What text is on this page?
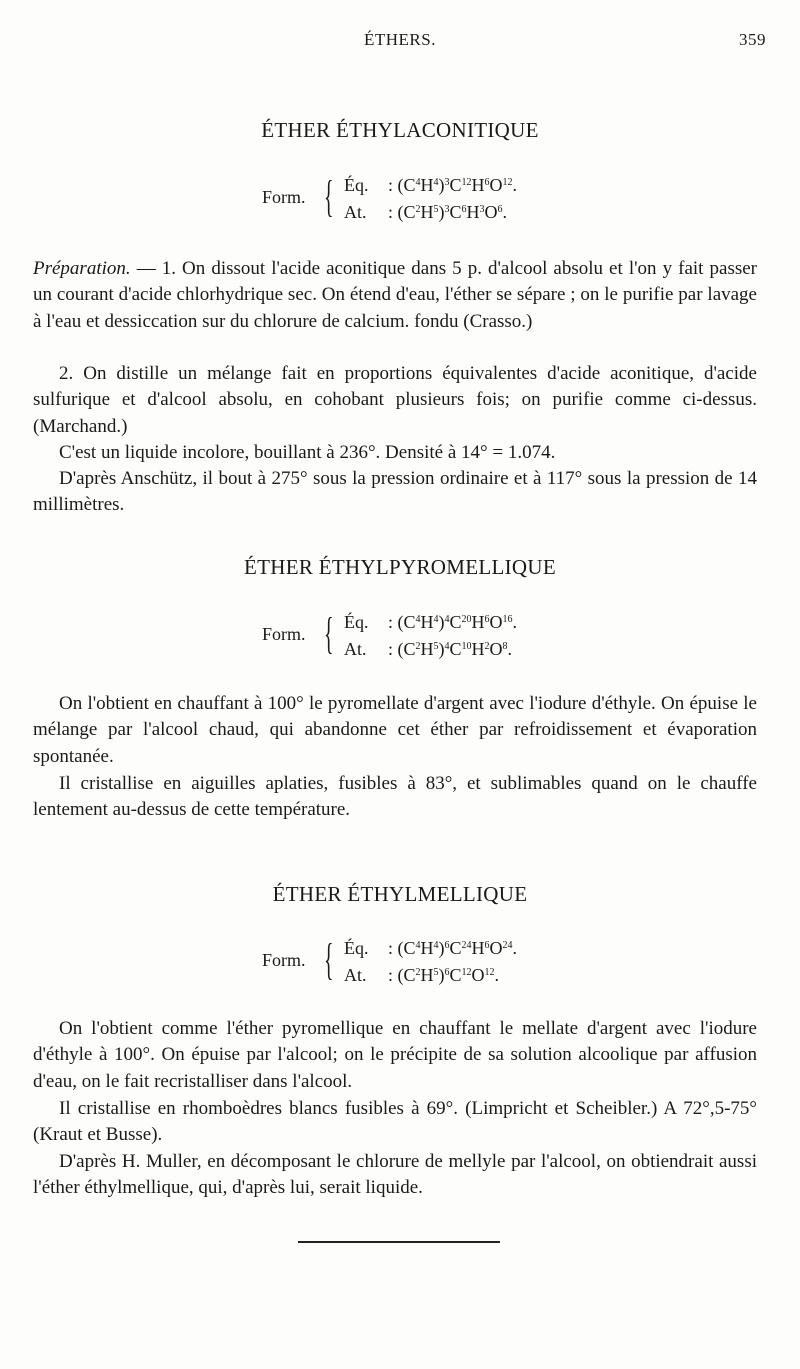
ÉTHERS.	359
ÉTHER ÉTHYLACONITIQUE
Form. { Éq. : $(C^4H^4)^3C^{12}H^6O^{12}$.
At. : $(C^2H^5)^3C^6H^3O^6$.

Préparation. — 1. On dissout l'acide aconitique dans 5 p. d'alcool absolu et l'on y fait passer un courant d'acide chlorhydrique sec. On étend d'eau, l'éther se sépare ; on le purifie par lavage à l'eau et dessiccation sur du chlorure de calcium. fondu (Crasso.)

2. On distille un mélange fait en proportions équivalentes d'acide aconitique, d'acide sulfurique et d'alcool absolu, en cohobant plusieurs fois; on purifie comme ci-dessus. (Marchand.)

C'est un liquide incolore, bouillant à 236°. Densité à 14° = 1.074.

D'après Anschütz, il bout à 275° sous la pression ordinaire et à 117° sous la pression de 14 millimètres.

ÉTHER ÉTHYLPYROMELLIQUE
Form. { Éq. : $(C^4H^4)^4C^{20}H^6O^{16}$.
At. : $(C^2H^5)^4C^{10}H^2O^8$.

On l'obtient en chauffant à 100° le pyromellate d'argent avec l'iodure d'éthyle. On épuise le mélange par l'alcool chaud, qui abandonne cet éther par refroidissement et évaporation spontanée.

Il cristallise en aiguilles aplaties, fusibles à 83°, et sublimables quand on le chauffe lentement au-dessus de cette température.

ÉTHER ÉTHYLMELLIQUE
Form. { Éq. : $(C^4H^4)^6C^{24}H^6O^{24}$.
At. : $(C^2H^5)^6C^{12}O^{12}$.

On l'obtient comme l'éther pyromellique en chauffant le mellate d'argent avec l'iodure d'éthyle à 100°. On épuise par l'alcool; on le précipite de sa solution alcoolique par affusion d'eau, on le fait recristalliser dans l'alcool.

Il cristallise en rhomboèdres blancs fusibles à 69°. (Limpricht et Scheibler.) A 72°,5-75° (Kraut et Busse).

D'après H. Muller, en décomposant le chlorure de mellyle par l'alcool, on obtiendrait aussi l'éther éthylmellique, qui, d'après lui, serait liquide.
